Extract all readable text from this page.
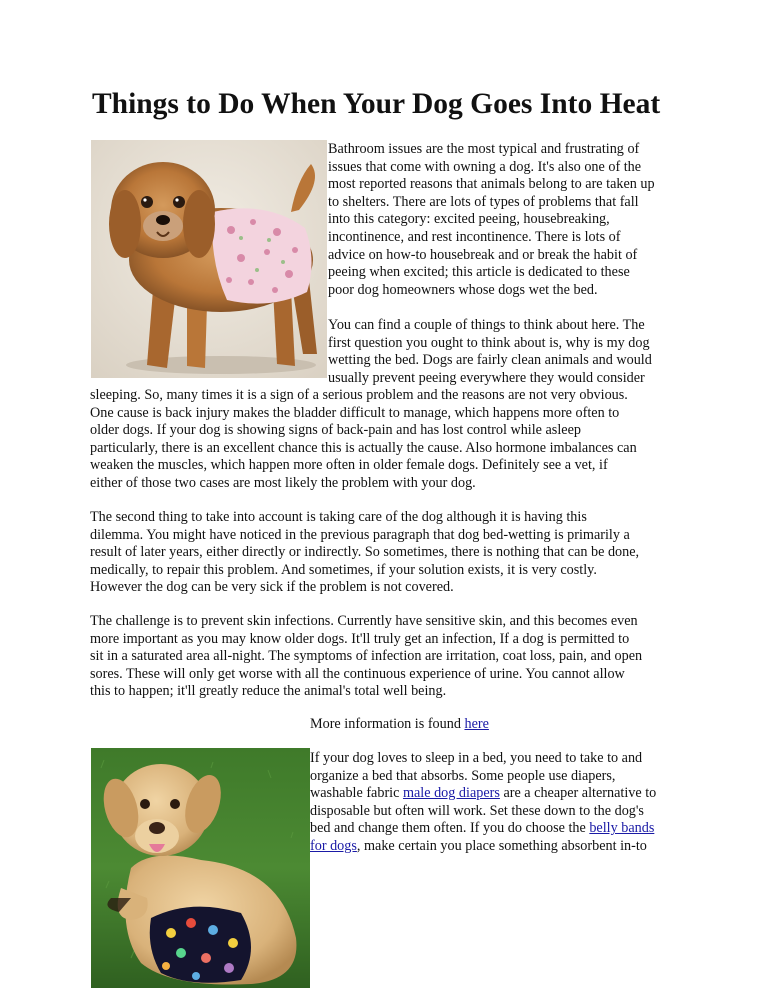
Things to Do When Your Dog Goes Into Heat
Bathroom issues are the most typical and frustrating of
issues that come with owning a dog. It's also one of the
most reported reasons that animals belong to are taken up
to shelters. There are lots of types of problems that fall
into this category: excited peeing, housebreaking,
incontinence, and rest incontinence. There is lots of
advice on how-to housebreak and or break the habit of
peeing when excited; this article is dedicated to these
poor dog homeowners whose dogs wet the bed.
You can find a couple of things to think about here. The
first question you ought to think about is, why is my dog
wetting the bed. Dogs are fairly clean animals and would
usually prevent peeing everywhere they would consider
sleeping. So, many times it is a sign of a serious problem and the reasons are not very obvious.
One cause is back injury makes the bladder difficult to manage, which happens more often to
older dogs. If your dog is showing signs of back-pain and has lost control while asleep
particularly, there is an excellent chance this is actually the cause. Also hormone imbalances can
weaken the muscles, which happen more often in older female dogs. Definitely see a vet, if
either of those two cases are most likely the problem with your dog.
The second thing to take into account is taking care of the dog although it is having this
dilemma. You might have noticed in the previous paragraph that dog bed-wetting is primarily a
result of later years, either directly or indirectly. So sometimes, there is nothing that can be done,
medically, to repair this problem. And sometimes, if your solution exists, it is very costly.
However the dog can be very sick if the problem is not covered.
The challenge is to prevent skin infections. Currently have sensitive skin, and this becomes even
more important as you may know older dogs. It'll truly get an infection, If a dog is permitted to
sit in a saturated area all-night. The symptoms of infection are irritation, coat loss, pain, and open
sores. These will only get worse with all the continuous experience of urine. You cannot allow
this to happen; it'll greatly reduce the animal's total well being.
More information is found here
If your dog loves to sleep in a bed, you need to take to and
organize a bed that absorbs. Some people use diapers,
washable fabric male dog diapers are a cheaper alternative to
disposable but often will work. Set these down to the dog's
bed and change them often. If you do choose the belly bands
for dogs, make certain you place something absorbent in-to
